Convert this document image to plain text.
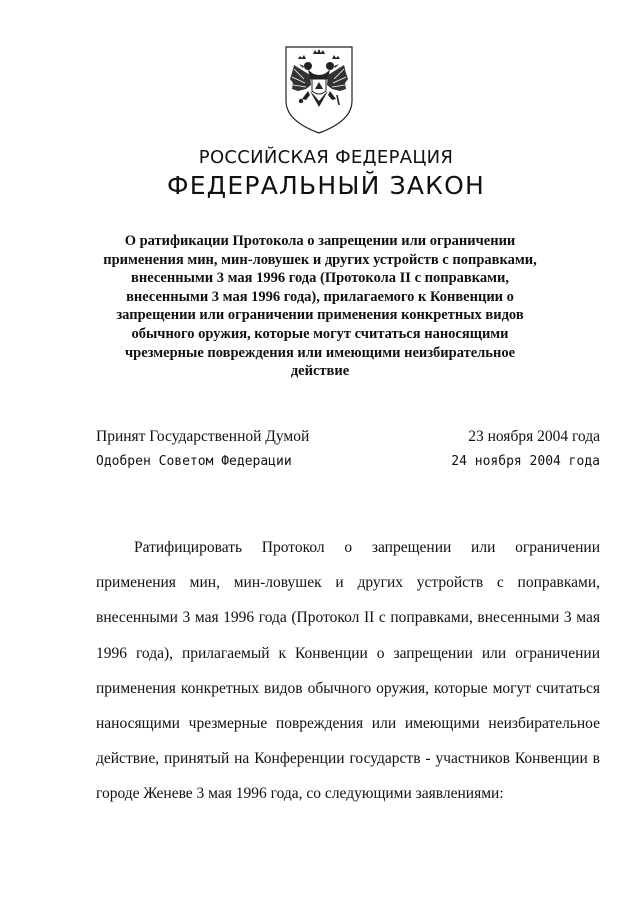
РОССИЙСКАЯ ФЕДЕРАЦИЯ
ФЕДЕРАЛЬНЫЙ ЗАКОН

О ратификации Протокола о запрещении или ограничении применения мин, мин-ловушек и других устройств с поправками, внесенными 3 мая 1996 года (Протокола II с поправками, внесенными 3 мая 1996 года), прилагаемого к Конвенции о запрещении или ограничении применения конкретных видов обычного оружия, которые могут считаться наносящими чрезмерные повреждения или имеющими неизбирательное действие

Принят Государственной Думой	23 ноября 2004 года
Одобрен Советом Федерации	24 ноября 2004 года

Ратифицировать Протокол о запрещении или ограничении применения мин, мин-ловушек и других устройств с поправками, внесенными 3 мая 1996 года (Протокол II с поправками, внесенными 3 мая 1996 года), прилагаемый к Конвенции о запрещении или ограничении применения конкретных видов обычного оружия, которые могут считаться наносящими чрезмерные повреждения или имеющими неизбирательное действие, принятый на Конференции государств - участников Конвенции в городе Женеве 3 мая 1996 года, со следующими заявлениями:
